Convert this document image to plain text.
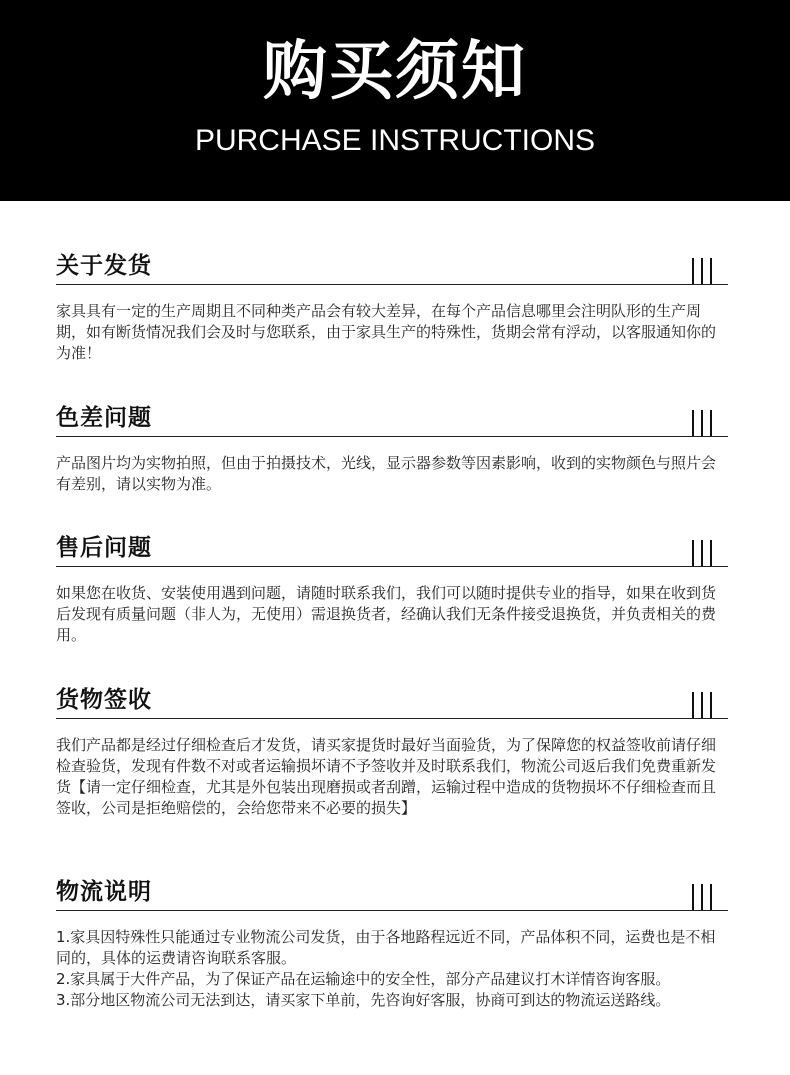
购买须知
PURCHASE INSTRUCTIONS
关于发货

家具具有一定的生产周期且不同种类产品会有较大差异，在每个产品信息哪里会注明队形的生产周期，如有断货情况我们会及时与您联系，由于家具生产的特殊性，货期会常有浮动，以客服通知你的为准！

色差问题

产品图片均为实物拍照，但由于拍摄技术，光线，显示器参数等因素影响，收到的实物颜色与照片会有差别，请以实物为准。

售后问题

如果您在收货、安装使用遇到问题，请随时联系我们，我们可以随时提供专业的指导，如果在收到货后发现有质量问题（非人为，无使用）需退换货者，经确认我们无条件接受退换货，并负责相关的费用。

货物签收

我们产品都是经过仔细检查后才发货，请买家提货时最好当面验货，为了保障您的权益签收前请仔细检查验货，发现有件数不对或者运输损坏请不予签收并及时联系我们，物流公司返后我们免费重新发货【请一定仔细检查，尤其是外包装出现磨损或者刮蹭，运输过程中造成的货物损坏不仔细检查而且签收，公司是拒绝赔偿的，会给您带来不必要的损失】

物流说明

1.家具因特殊性只能通过专业物流公司发货，由于各地路程远近不同，产品体积不同，运费也是不相同的，具体的运费请咨询联系客服。

2.家具属于大件产品，为了保证产品在运输途中的安全性，部分产品建议打木详情咨询客服。

3.部分地区物流公司无法到达，请买家下单前，先咨询好客服，协商可到达的物流运送路线。
